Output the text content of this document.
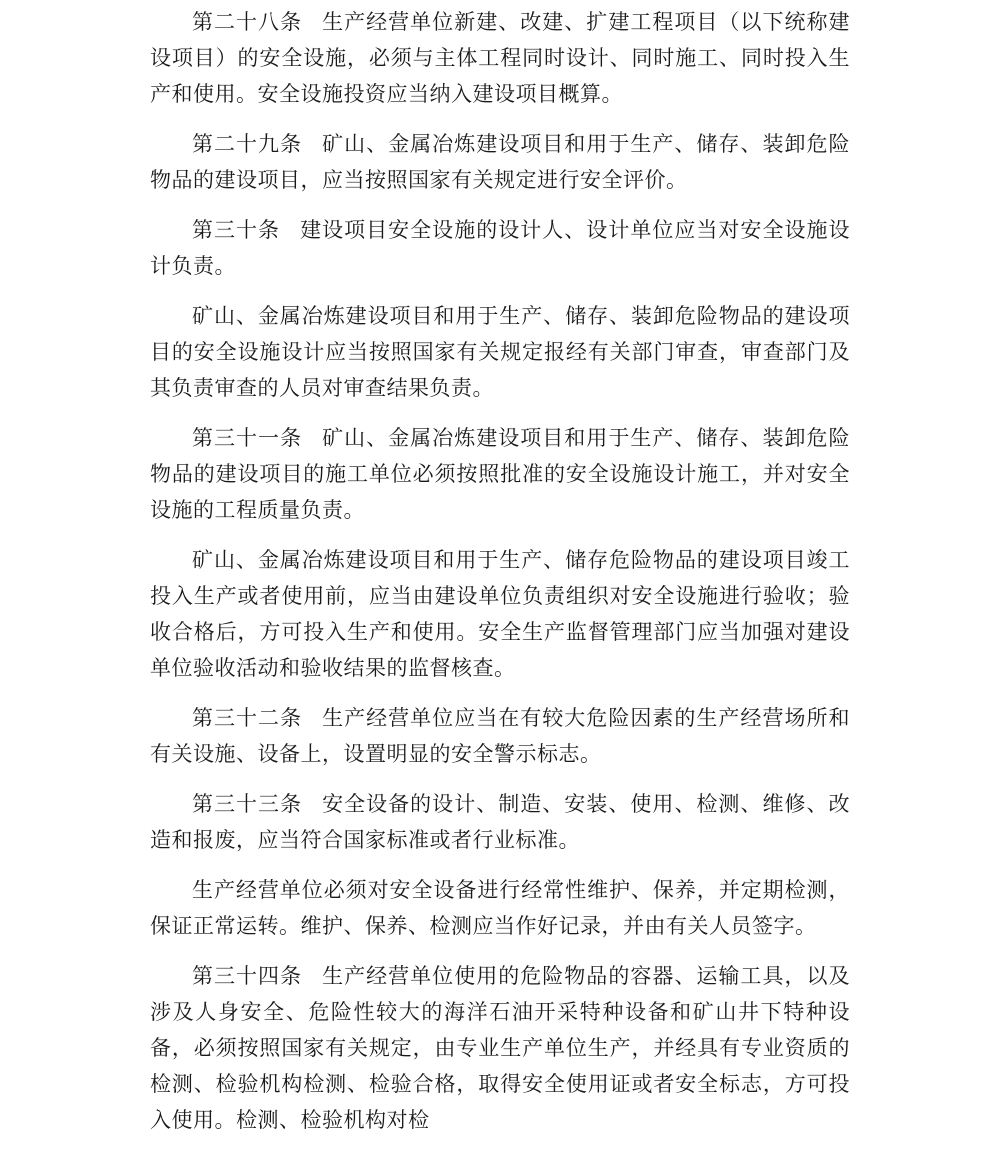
第二十八条 生产经营单位新建、改建、扩建工程项目（以下统称建设项目）的安全设施，必须与主体工程同时设计、同时施工、同时投入生产和使用。安全设施投资应当纳入建设项目概算。

第二十九条 矿山、金属冶炼建设项目和用于生产、储存、装卸危险物品的建设项目，应当按照国家有关规定进行安全评价。

第三十条 建设项目安全设施的设计人、设计单位应当对安全设施设计负责。

矿山、金属冶炼建设项目和用于生产、储存、装卸危险物品的建设项目的安全设施设计应当按照国家有关规定报经有关部门审查，审查部门及其负责审查的人员对审查结果负责。

第三十一条 矿山、金属冶炼建设项目和用于生产、储存、装卸危险物品的建设项目的施工单位必须按照批准的安全设施设计施工，并对安全设施的工程质量负责。

矿山、金属冶炼建设项目和用于生产、储存危险物品的建设项目竣工投入生产或者使用前，应当由建设单位负责组织对安全设施进行验收；验收合格后，方可投入生产和使用。安全生产监督管理部门应当加强对建设单位验收活动和验收结果的监督核查。

第三十二条 生产经营单位应当在有较大危险因素的生产经营场所和有关设施、设备上，设置明显的安全警示标志。

第三十三条 安全设备的设计、制造、安装、使用、检测、维修、改造和报废，应当符合国家标准或者行业标准。

生产经营单位必须对安全设备进行经常性维护、保养，并定期检测，保证正常运转。维护、保养、检测应当作好记录，并由有关人员签字。

第三十四条 生产经营单位使用的危险物品的容器、运输工具，以及涉及人身安全、危险性较大的海洋石油开采特种设备和矿山井下特种设备，必须按照国家有关规定，由专业生产单位生产，并经具有专业资质的检测、检验机构检测、检验合格，取得安全使用证或者安全标志，方可投入使用。检测、检验机构对检
